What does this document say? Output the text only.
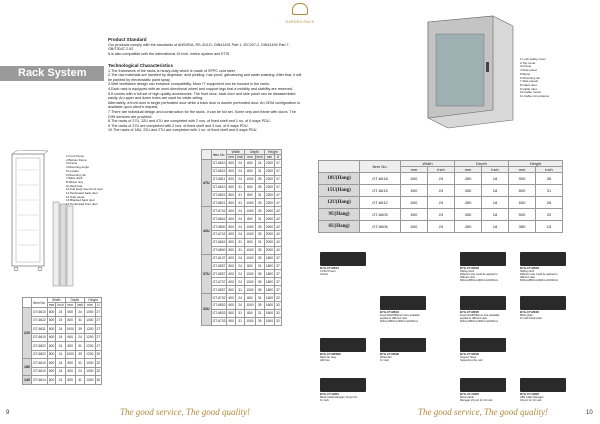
GARDEN RACK
Rack System
Product Standard
Our products comply with the standards of ANSI/EIA, RS-310-D, DIN41491 Part 1, IEC297-2, DIN41494 Part 7, GB/T3047.2-92.
It is also compatible with the international 19 inch, metric system and ETSI.
Technological Characteristics
1.The framework of the racks is heavy-duty which is made of SPPC cold steel.
2.The raw materials are handled by degrease, acid pickling, rust-proof, galvanizing and water washing. After that, it will be painted by electrostatic paint spray.
3.Well ventilation design can enhance compatibility. More IT equipment can be housed in the racks.
4.Each rack is equipped with an omni-directional wheel and support legs that a mobility and stability are reserved.
5.It comes with a full set of high quality accessories. The front door, back door and side panel can be disassembled easily. An upper and down holes are used for cable-wiring.
Alternately, a front door is single perforated door while a back door is double perforated door. An ODM configuration is available upon client's request.
7.There are individual design and construction for the racks. It can be full set. Some only and frame with doors. The DIHI services are provided.
8.The racks of 27U, 32U and 47U are completed with 2 nos. of fixed shelf and 1 no. of 6 ways PDU.
9.The racks of 37U are completed with 2 nos. of fixed shelf and 3 nos. of 6 ways PDU.
10.The racks of 18U, 22U and 27U are completed with 1 no. of fixed shelf and 6 ways PDU.
1.Front frame
2.Bottom frame
3.Frame
4.Mounting angle
5.Leveller
6.Mounting rail
7.Back shelf
8.Wheel ring
9.Lifted hole
10.Full body steel front door
11.Perforated back door
12.Side panel
13.Blanked back door
14.Perforated front door
	Item No.	Width		Depth		Height	
		mm	Inch	mm	Inch	mm	U
220	GT-6610	600	24	600	24	1000	27
	GT-6622	600	24	800	31	1000	27
	GT-6811	600	24	1000	39	1200	27
	GT-6610	600	24	600	24	1200	27
	GT-6822	600	24	800	31	1200	27
	GT-6822	800	31	1000	39	1200	32
180	GT-6610	600	24	800	31	1000	32
	GT-6610	600	24	600	24	1000	32
140	GT-6614	600	24	800	31	1000	30
	Item No.	Width		Depth		Height	
		mm	Inch	mm	Inch	mm	U
47U	GT-6610	600	24	600	24	2200	47
	GT-6622	600	24	800	31	2200	47
	GT-6811	600	24	1000	39	2200	47
	GT-6610	600	31	600	39	2200	47
	GT-6822	800	31	800	31	2200	47
	GT-6821	800	31	1000	39	2200	47
42U	GT-6742	600	24	1000	39	2000	42
	GT-6842	600	24	800	31	2000	42
	GT-6800	800	24	1000	39	2000	42
	GT-6742	600	24	1000	39	2000	42
	GT-6842	800	31	800	31	2000	42
	GT-6800	800	31	1000	39	2000	42
37U	GT-6137	600	24	1000	39	1800	37
	GT-6837	800	24	800	31	1800	37
	GT-6837	600	24	1000	39	1800	37
	GT-6737	600	24	1000	39	1800	37
	GT-6837	800	31	1000	39	1800	37
32U	GT-6732	600	24	800	31	1600	32
	GT-6832	600	24	1000	39	1600	32
	GT-6833	800	31	800	31	1600	32
	GT-6733	800	31	1000	39	1600	32
1.Lock safety cover
2.Top cover
3.Frame
4.Side panel
5.Bezel
6.Mounting rail
7.Side panels
8.Glass door
9.Cable inlet
10.Cable mount
11.Cable roll entrance
	Item No.	Width		Depth		Height	
		mm	Inch	mm	Inch	mm	Inch
18U(Hang)	GT-6618	600	24	450	18	900	35
15U(Hang)	GT-6615	600	24	450	18	800	31
12U(Hang)	GT-6612	600	24	450	18	600	26
9U(Hang)	GT-6609	600	24	450	18	500	20
6U(Hang)	GT-6606	600	24	450	18	380	15
BYG-CT-MK01
4 PDU Power
Socket
BYG-CT-MK02
Sliding shelf
Different size could be applied to
different rack
600mm/800mm/900mm/1000mm
BYG-CT-MK03
Sliding shelf
Different size could be applied to
different rack
600mm/800mm/900mm/1000mm
BYG-CT-MK04
Fixed Shelf/Different size available
applied to different rack
600mm/800mm/900mm/1000mm
BYG-CT-MK05
Fixed shelf/Different size available
applied to different rack
600mm/800mm/900mm/1000mm
BYG-CT-MK06
Blank plate
1U with blank plate
BYG-CT-MPR02
Rack fan assy
2&3 Fan
BYG-CT-MK08
Wheel fan
1U rack
BYG-CT-MK09
Support Stays
Supporting the rack
BYG-CT-CM01
Metal Cable Manager 19 port for
1U rack
BYG-CT-CM02
Metal Cable
Manager 24 port for 1U rack
BYG-CT-CM03
ABS Cable Manager
19 port for 1U rack
9	The good service, The good quality!	The good service, The good quality!	10
